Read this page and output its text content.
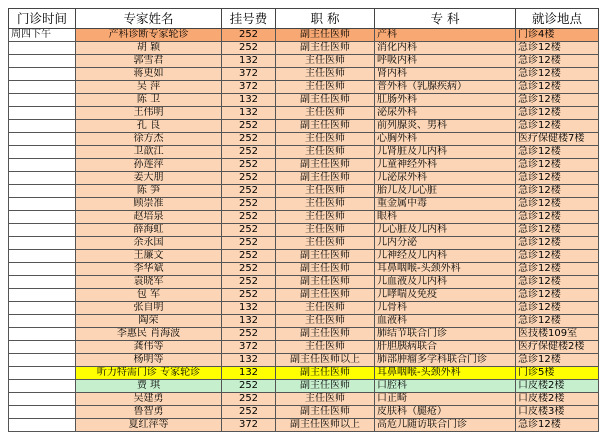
门诊时间	专家姓名	挂号费	职 称	专 科	就诊地点
周四下午	产科诊断专家轮诊	252	副主任医师	产科	门诊4楼
	胡 颖	252	副主任医师	消化内科	急诊12楼
	郭雪君	132	主任医师	呼吸内科	急诊12楼
	蒋更如	372	主任医师	肾内科	急诊12楼
	吴 萍	372	主任医师	普外科（乳腺疾病）	急诊12楼
	陈 卫	132	副主任医师	肛肠外科	急诊12楼
	王伟明	132	主任医师	泌尿外科	急诊12楼
	孔 良	252	副主任医师	前列腺炎、男科	急诊12楼
	徐方杰	252	主任医师	心胸外科	医疗保健楼7楼
	卫歆江	252	主任医师	儿肾脏及儿内科	急诊12楼
	孙莲萍	252	副主任医师	儿童神经外科	急诊12楼
	姜大朋	252	副主任医师	儿泌尿外科	急诊12楼
	陈 笋	252	主任医师	胎儿及儿心脏	急诊12楼
	顾崇准	252	主任医师	重金属中毒	急诊12楼
	赵培泉	252	主任医师	眼科	急诊12楼
	薛海虹	252	主任医师	儿心脏及儿内科	急诊12楼
	余永国	252	主任医师	儿内分泌	急诊12楼
	王廉文	252	副主任医师	儿神经及儿内科	急诊12楼
	李华斌	252	副主任医师	耳鼻咽喉-头颈外科	急诊12楼
	袁晓军	252	副主任医师	儿血液及儿内科	急诊12楼
	包 军	252	副主任医师	儿哮喘及免疫	急诊12楼
	张自明	132	主任医师	儿骨科	急诊12楼
	陶荣	132	主任医师	血液科	急诊12楼
	李惠民 肖海波	252	副主任医师	肺结节联合门诊	医技楼109室
	龚伟等	372	主任医师	肝胆胰病联合	医疗保健楼2楼
	杨明等	132	副主任医师以上	肺部肿瘤多学科联合门诊	急诊12楼
	听力特需门诊 专家轮诊	132	副主任医师	耳鼻咽喉-头颈外科	门诊5楼
	费 琪	252	副主任医师	口腔科	口皮楼2楼
	吴建勇	252	主任医师	口正畸	口皮楼2楼
	鲁智勇	252	副主任医师	皮肤科（腿疮）	口皮楼3楼
	夏红萍等	372	副主任医师以上	高危儿随访联合门诊	急诊12楼
